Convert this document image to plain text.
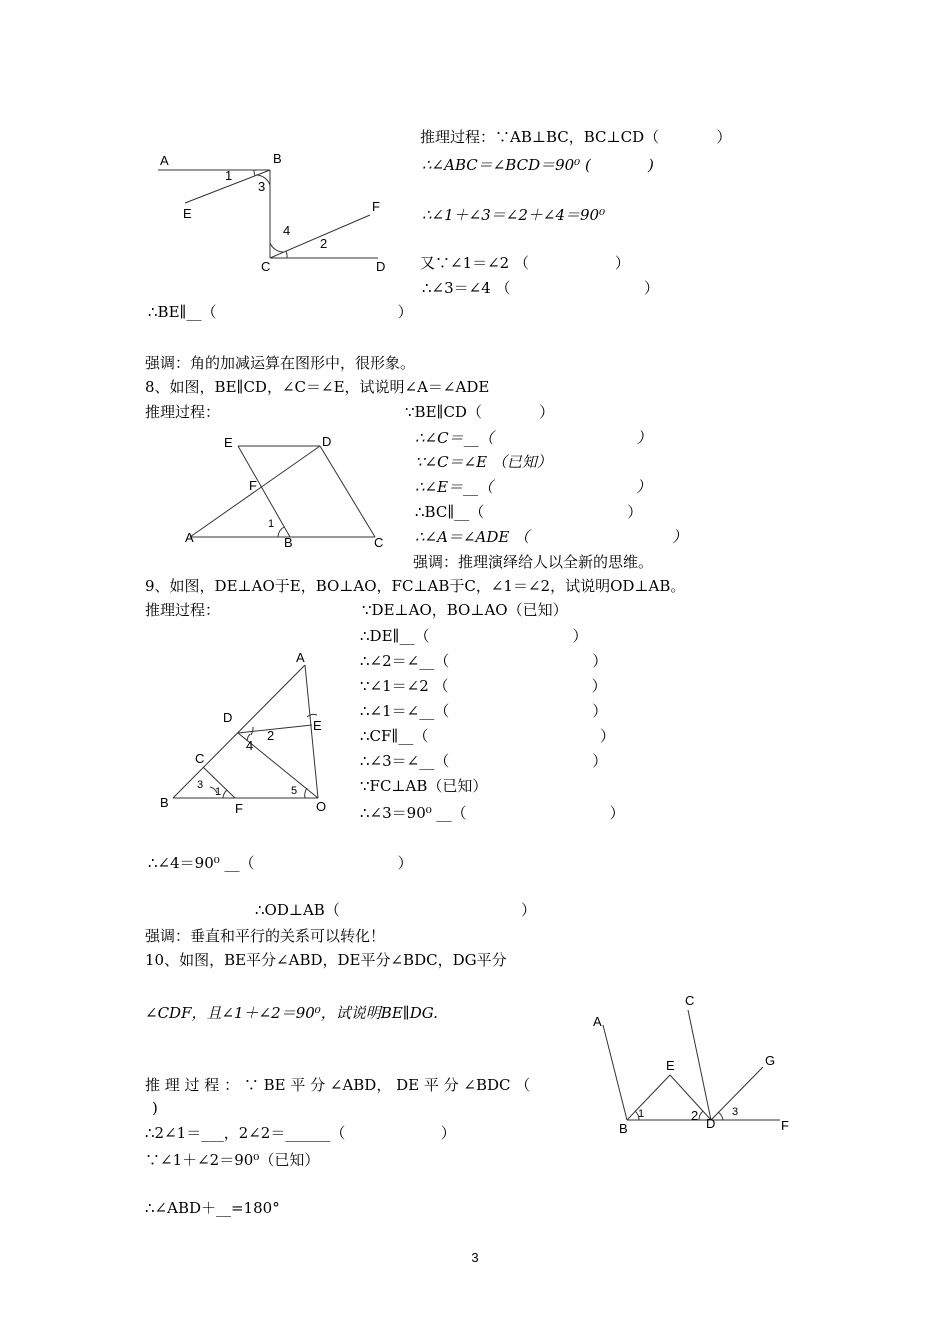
A	B
E	F
C	D
1
3
4
2
推理过程：∵AB⊥BC，BC⊥CD（            ）
∴∠ABC＝∠BCD＝90⁰ (            )
∴∠1＋∠3＝∠2＋∠4＝90⁰
又∵∠1＝∠2 （                  ）
∴∠3＝∠4 （                            ）
∴BE∥__（                                      ）
强调：角的加减运算在图形中，很形象。
8、如图，BE∥CD，∠C＝∠E，试说明∠A＝∠ADE
推理过程：	∵BE∥CD（            ）
∴∠C＝__（                              ）
∵∠C＝∠E （已知）
∴∠E＝__（                              ）
∴BC∥__（                              ）
∴∠A＝∠ADE （                              ）
强调：推理演绎给人以全新的思维。
E	D
F
A	B	C
1
9、如图，DE⊥AO于E，BO⊥AO，FC⊥AB于C，∠1＝∠2，试说明OD⊥AB。
推理过程：	∵DE⊥AO，BO⊥AO（已知）
∴DE∥__（                              ）
∴∠2＝∠__（                              ）
∵∠1＝∠2 （                              ）
∴∠1＝∠__（                              ）
∴CF∥__（                                    ）
∴∠3＝∠__（                              ）
∵FC⊥AB（已知）
∴∠3＝90⁰ __（                              ）
∴∠4＝90⁰ __（                              ）
∴OD⊥AB（                                      ）
强调：垂直和平行的关系可以转化！
A
D
E
C
B	F	O
2
4
3
1	5
10、如图，BE平分∠ABD，DE平分∠BDC，DG平分
∠CDF，且∠1＋∠2＝90⁰，试说明BE∥DG.
推 理 过 程 ： ∵ BE 平 分 ∠ABD， DE 平 分 ∠BDC （
)
∴2∠1＝___，2∠2＝______（                    ）
∵∠1＋∠2＝90⁰（已知）
∴∠ABD＋__=180°
A
C
E	G
B	D	F
1	2	3
3
